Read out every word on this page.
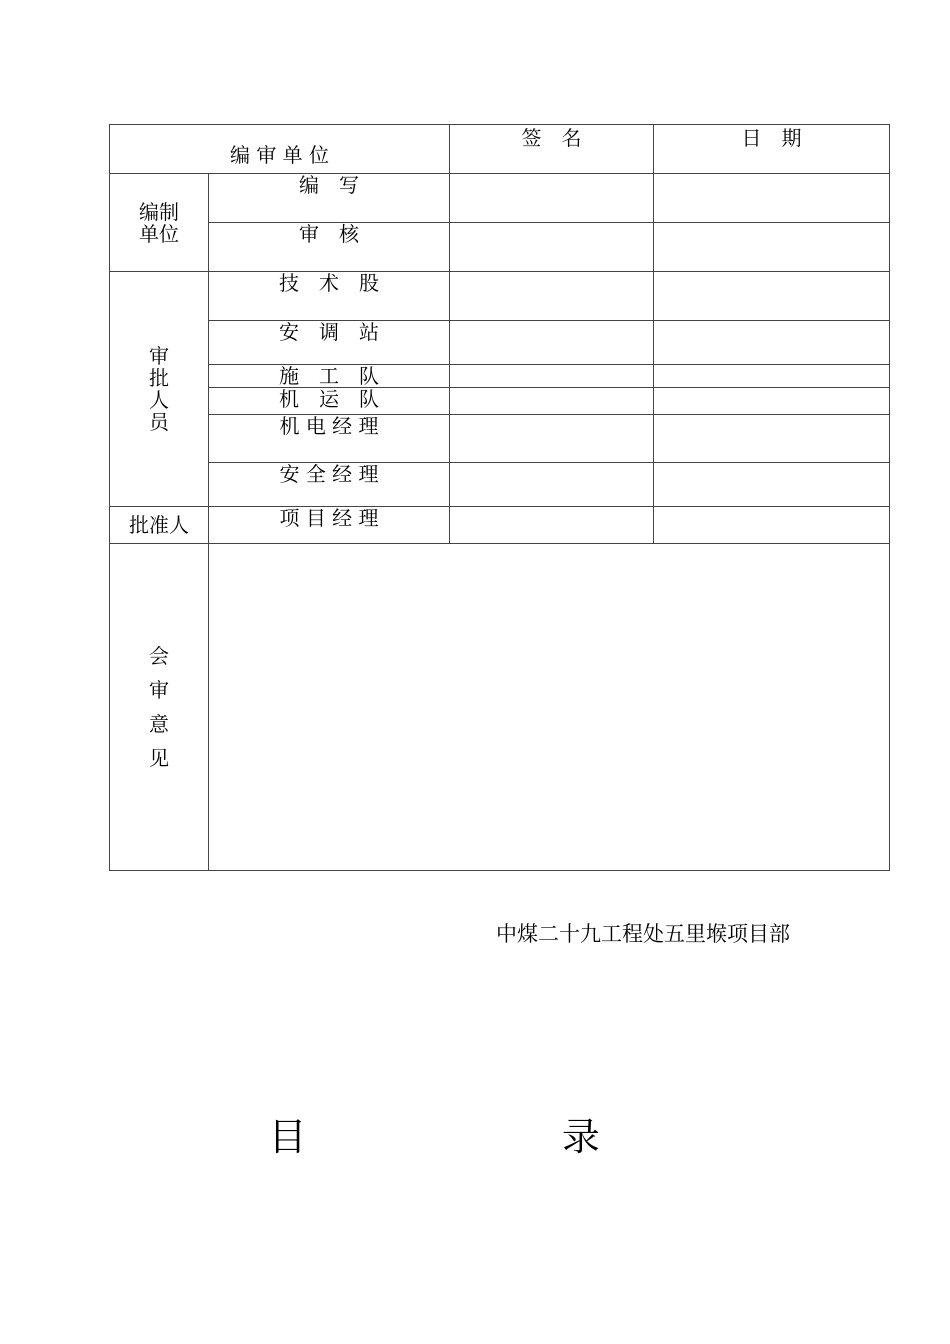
编 审 单 位		签　名	日　期

编制
单位	编　写		
	审　核		

审
批
人
员	技　术　股		
	安　调　站		
	施　工　队		
	机　运　队		
	机 电 经 理		
	安 全 经 理		
批准人	项 目 经 理		

会
审
意
见			

中煤二十九工程处五里堠项目部
目 录
